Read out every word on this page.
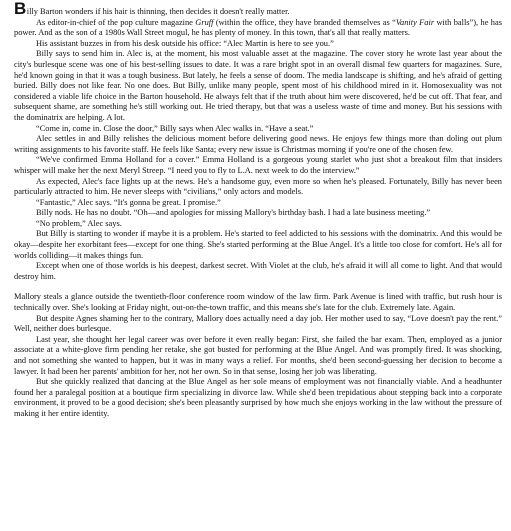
Billy Barton wonders if his hair is thinning, then decides it doesn't really matter.

As editor-in-chief of the pop culture magazine Gruff (within the office, they have branded themselves as “Vanity Fair with balls”), he has power. And as the son of a 1980s Wall Street mogul, he has plenty of money. In this town, that's all that really matters.

His assistant buzzes in from his desk outside his office: “Alec Martin is here to see you.”

Billy says to send him in. Alec is, at the moment, his most valuable asset at the magazine. The cover story he wrote last year about the city's burlesque scene was one of his best-selling issues to date. It was a rare bright spot in an overall dismal few quarters for magazines. Sure, he'd known going in that it was a tough business. But lately, he feels a sense of doom. The media landscape is shifting, and he's afraid of getting buried. Billy does not like fear. No one does. But Billy, unlike many people, spent most of his childhood mired in it. Homosexuality was not considered a viable life choice in the Barton household. He always felt that if the truth about him were discovered, he'd be cut off. That fear, and subsequent shame, are something he's still working out. He tried therapy, but that was a useless waste of time and money. But his sessions with the dominatrix are helping. A lot.

“Come in, come in. Close the door,” Billy says when Alec walks in. “Have a seat.”

Alec settles in and Billy relishes the delicious moment before delivering good news. He enjoys few things more than doling out plum writing assignments to his favorite staff. He feels like Santa; every new issue is Christmas morning if you're one of the chosen few.

“We've confirmed Emma Holland for a cover.” Emma Holland is a gorgeous young starlet who just shot a breakout film that insiders whisper will make her the next Meryl Streep. “I need you to fly to L.A. next week to do the interview.”

As expected, Alec's face lights up at the news. He's a handsome guy, even more so when he's pleased. Fortunately, Billy has never been particularly attracted to him. He never sleeps with “civilians,” only actors and models.

“Fantastic,” Alec says. “It's gonna be great. I promise.”

Billy nods. He has no doubt. “Oh—and apologies for missing Mallory's birthday bash. I had a late business meeting.”

“No problem,” Alec says.

But Billy is starting to wonder if maybe it is a problem. He's started to feel addicted to his sessions with the dominatrix. And this would be okay—despite her exorbitant fees—except for one thing. She's started performing at the Blue Angel. It's a little too close for comfort. He's all for worlds colliding—it makes things fun.

Except when one of those worlds is his deepest, darkest secret. With Violet at the club, he's afraid it will all come to light. And that would destroy him.

Mallory steals a glance outside the twentieth-floor conference room window of the law firm. Park Avenue is lined with traffic, but rush hour is technically over. She's looking at Friday night, out-on-the-town traffic, and this means she's late for the club. Extremely late. Again.

But despite Agnes shaming her to the contrary, Mallory does actually need a day job. Her mother used to say, “Love doesn't pay the rent.” Well, neither does burlesque.

Last year, she thought her legal career was over before it even really began: First, she failed the bar exam. Then, employed as a junior associate at a white-glove firm pending her retake, she got busted for performing at the Blue Angel. And was promptly fired. It was shocking, and not something she wanted to happen, but it was in many ways a relief. For months, she'd been second-guessing her decision to become a lawyer. It had been her parents' ambition for her, not her own. So in that sense, losing her job was liberating.

But she quickly realized that dancing at the Blue Angel as her sole means of employment was not financially viable. And a headhunter found her a paralegal position at a boutique firm specializing in divorce law. While she'd been trepidatious about stepping back into a corporate environment, it proved to be a good decision; she's been pleasantly surprised by how much she enjoys working in the law without the pressure of making it her entire identity.
